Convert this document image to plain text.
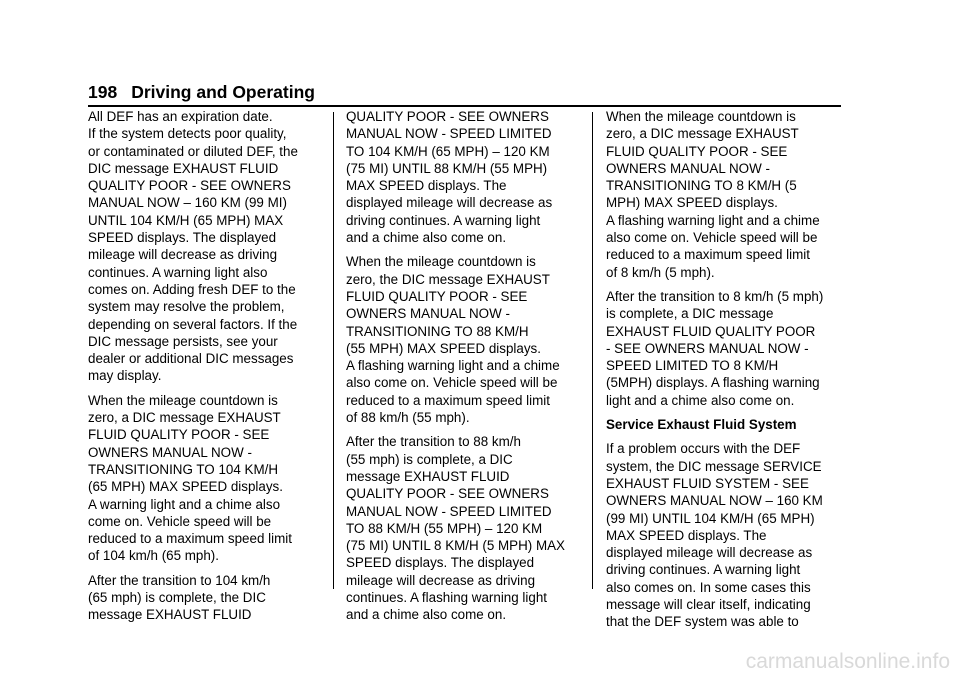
198 Driving and Operating
All DEF has an expiration date.
If the system detects poor quality,
or contaminated or diluted DEF, the
DIC message EXHAUST FLUID
QUALITY POOR - SEE OWNERS
MANUAL NOW – 160 KM (99 MI)
UNTIL 104 KM/H (65 MPH) MAX
SPEED displays. The displayed
mileage will decrease as driving
continues. A warning light also
comes on. Adding fresh DEF to the
system may resolve the problem,
depending on several factors. If the
DIC message persists, see your
dealer or additional DIC messages
may display.
When the mileage countdown is
zero, a DIC message EXHAUST
FLUID QUALITY POOR - SEE
OWNERS MANUAL NOW -
TRANSITIONING TO 104 KM/H
(65 MPH) MAX SPEED displays.
A warning light and a chime also
come on. Vehicle speed will be
reduced to a maximum speed limit
of 104 km/h (65 mph).
After the transition to 104 km/h
(65 mph) is complete, the DIC
message EXHAUST FLUID
QUALITY POOR - SEE OWNERS
MANUAL NOW - SPEED LIMITED
TO 104 KM/H (65 MPH) – 120 KM
(75 MI) UNTIL 88 KM/H (55 MPH)
MAX SPEED displays. The
displayed mileage will decrease as
driving continues. A warning light
and a chime also come on.
When the mileage countdown is
zero, the DIC message EXHAUST
FLUID QUALITY POOR - SEE
OWNERS MANUAL NOW -
TRANSITIONING TO 88 KM/H
(55 MPH) MAX SPEED displays.
A flashing warning light and a chime
also come on. Vehicle speed will be
reduced to a maximum speed limit
of 88 km/h (55 mph).
After the transition to 88 km/h
(55 mph) is complete, a DIC
message EXHAUST FLUID
QUALITY POOR - SEE OWNERS
MANUAL NOW - SPEED LIMITED
TO 88 KM/H (55 MPH) – 120 KM
(75 MI) UNTIL 8 KM/H (5 MPH) MAX
SPEED displays. The displayed
mileage will decrease as driving
continues. A flashing warning light
and a chime also come on.
When the mileage countdown is
zero, a DIC message EXHAUST
FLUID QUALITY POOR - SEE
OWNERS MANUAL NOW -
TRANSITIONING TO 8 KM/H (5
MPH) MAX SPEED displays.
A flashing warning light and a chime
also come on. Vehicle speed will be
reduced to a maximum speed limit
of 8 km/h (5 mph).
After the transition to 8 km/h (5 mph)
is complete, a DIC message
EXHAUST FLUID QUALITY POOR
- SEE OWNERS MANUAL NOW -
SPEED LIMITED TO 8 KM/H
(5MPH) displays. A flashing warning
light and a chime also come on.
Service Exhaust Fluid System
If a problem occurs with the DEF
system, the DIC message SERVICE
EXHAUST FLUID SYSTEM - SEE
OWNERS MANUAL NOW – 160 KM
(99 MI) UNTIL 104 KM/H (65 MPH)
MAX SPEED displays. The
displayed mileage will decrease as
driving continues. A warning light
also comes on. In some cases this
message will clear itself, indicating
that the DEF system was able to
carmanualsonline.info
